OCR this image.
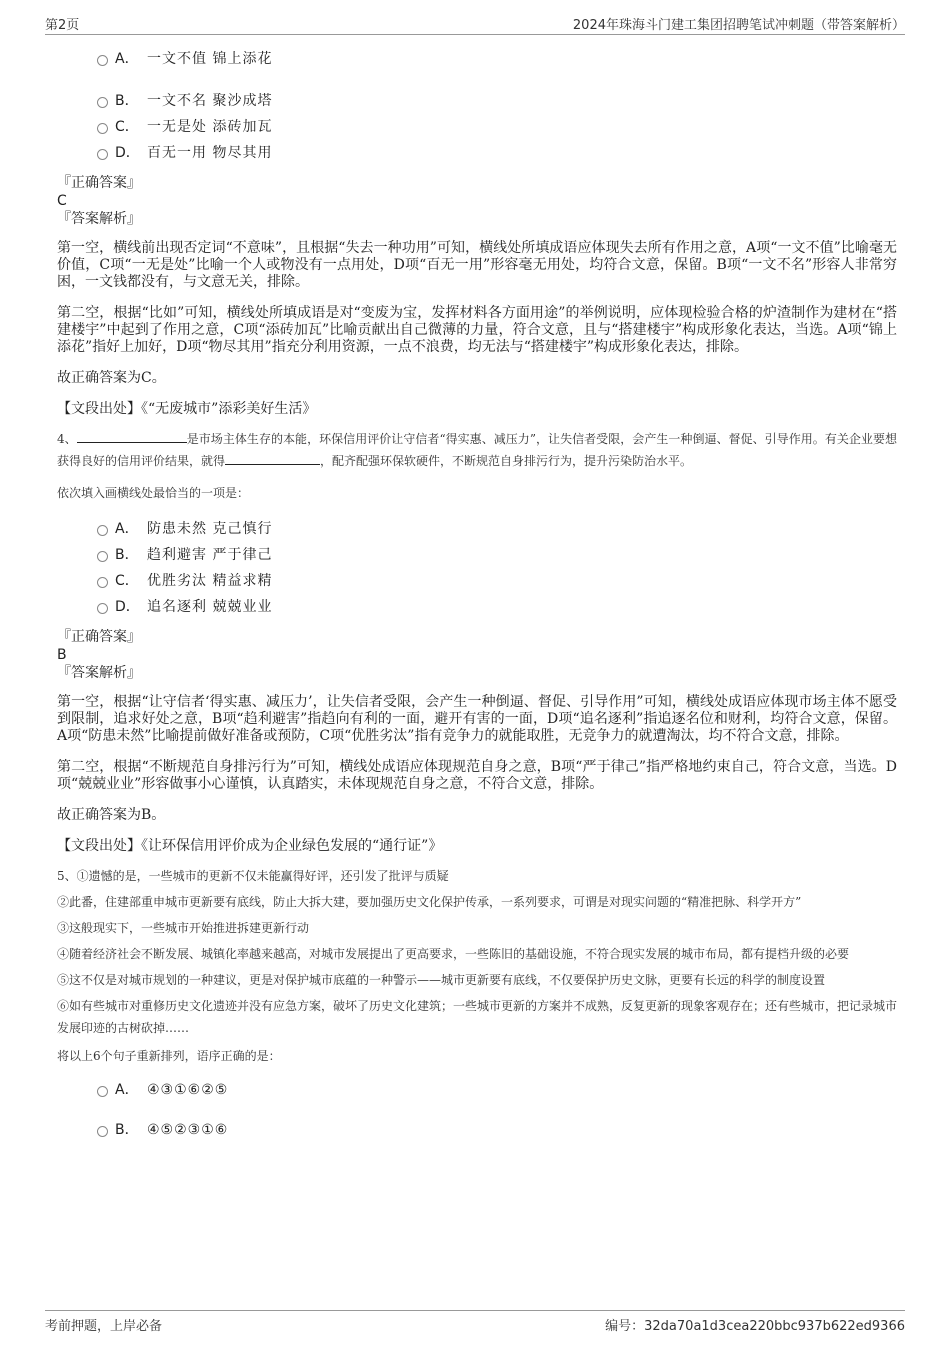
第2页	2024年珠海斗门建工集团招聘笔试冲刺题（带答案解析）
A． 一文不值 锦上添花
B． 一文不名 聚沙成塔
C． 一无是处 添砖加瓦
D． 百无一用 物尽其用
『正确答案』
C
『答案解析』

第一空，横线前出现否定词“不意味”，且根据“失去一种功用”可知，横线处所填成语应体现失去所有作用之意，A项“一文不值”比喻毫无价值，C项“一无是处”比喻一个人或物没有一点用处，D项“百无一用”形容毫无用处，均符合文意，保留。B项“一文不名”形容人非常穷困，一文钱都没有，与文意无关，排除。

第二空，根据“比如”可知，横线处所填成语是对“变废为宝，发挥材料各方面用途”的举例说明，应体现检验合格的炉渣制作为建材在“搭建楼宇”中起到了作用之意，C项“添砖加瓦”比喻贡献出自己微薄的力量，符合文意，且与“搭建楼宇”构成形象化表达，当选。A项“锦上添花”指好上加好，D项“物尽其用”指充分利用资源，一点不浪费，均无法与“搭建楼宇”构成形象化表达，排除。

故正确答案为C。

【文段出处】《“无废城市”添彩美好生活》

4、	是市场主体生存的本能，环保信用评价让守信者“得实惠、减压力”，让失信者受限，会产生一种倒逼、督促、引导作用。有关企业要想获得良好的信用评价结果，就得	，配齐配强环保软硬件，不断规范自身排污行为，提升污染防治水平。

依次填入画横线处最恰当的一项是：

A． 防患未然 克己慎行
B． 趋利避害 严于律己
C． 优胜劣汰 精益求精
D． 追名逐利 兢兢业业
『正确答案』
B
『答案解析』

第一空，根据“让守信者‘得实惠、减压力’，让失信者受限，会产生一种倒逼、督促、引导作用”可知，横线处成语应体现市场主体不愿受到限制，追求好处之意，B项“趋利避害”指趋向有利的一面，避开有害的一面，D项“追名逐利”指追逐名位和财利，均符合文意，保留。A项“防患未然”比喻提前做好准备或预防，C项“优胜劣汰”指有竞争力的就能取胜，无竞争力的就遭淘汰，均不符合文意，排除。

第二空，根据“不断规范自身排污行为”可知，横线处成语应体现规范自身之意，B项“严于律己”指严格地约束自己，符合文意，当选。D项“兢兢业业”形容做事小心谨慎，认真踏实，未体现规范自身之意，不符合文意，排除。

故正确答案为B。

【文段出处】《让环保信用评价成为企业绿色发展的“通行证”》

5、①遗憾的是，一些城市的更新不仅未能赢得好评，还引发了批评与质疑

②此番，住建部重申城市更新要有底线，防止大拆大建，要加强历史文化保护传承，一系列要求，可谓是对现实问题的“精准把脉、科学开方”

③这般现实下，一些城市开始推进拆建更新行动

④随着经济社会不断发展、城镇化率越来越高，对城市发展提出了更高要求，一些陈旧的基础设施，不符合现实发展的城市布局，都有提档升级的必要

⑤这不仅是对城市规划的一种建议，更是对保护城市底蕴的一种警示——城市更新要有底线，不仅要保护历史文脉，更要有长远的科学的制度设置

⑥如有些城市对重修历史文化遗迹并没有应急方案，破坏了历史文化建筑；一些城市更新的方案并不成熟，反复更新的现象客观存在；还有些城市，把记录城市发展印迹的古树砍掉……

将以上6个句子重新排列，语序正确的是：

A． ④③①⑥②⑤
B． ④⑤②③①⑥
考前押题，上岸必备	编号：32da70a1d3cea220bbc937b622ed9366
